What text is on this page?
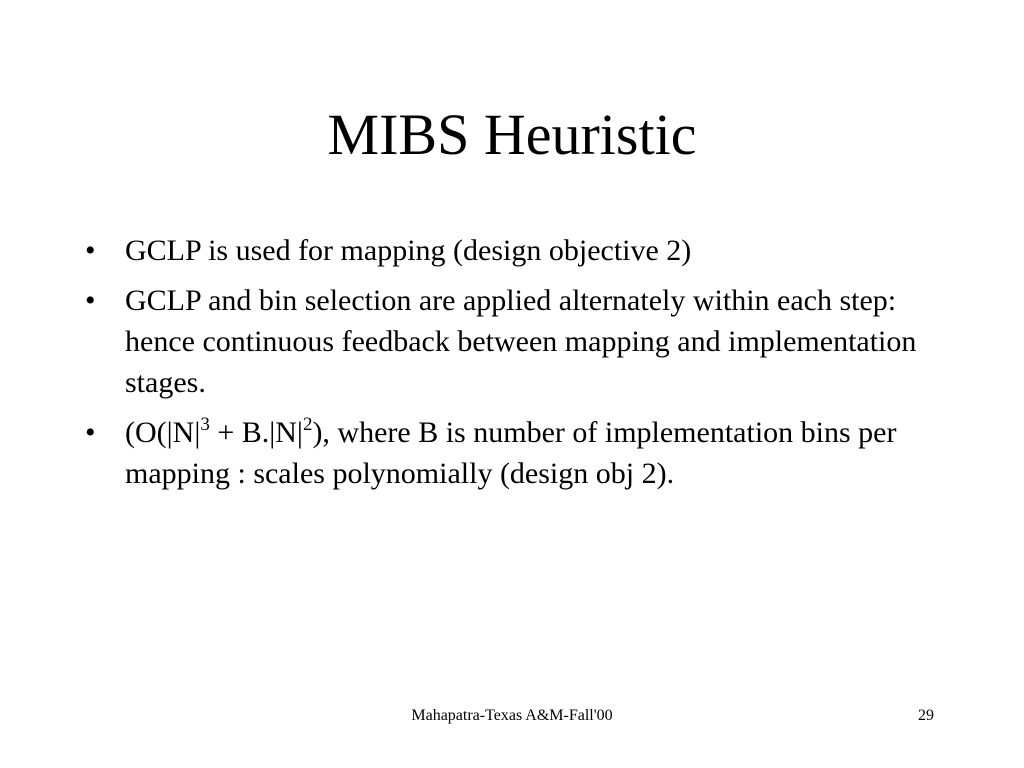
MIBS Heuristic
• GCLP is used for mapping (design objective 2)
• GCLP and bin selection are applied alternately within each step: hence continuous feedback between mapping and implementation stages.
• ($O(|N|^3 + B.|N|^2)$, where B is number of implementation bins per mapping : scales polynomially (design obj 2).
Mahapatra-Texas A&M-Fall'00	29
